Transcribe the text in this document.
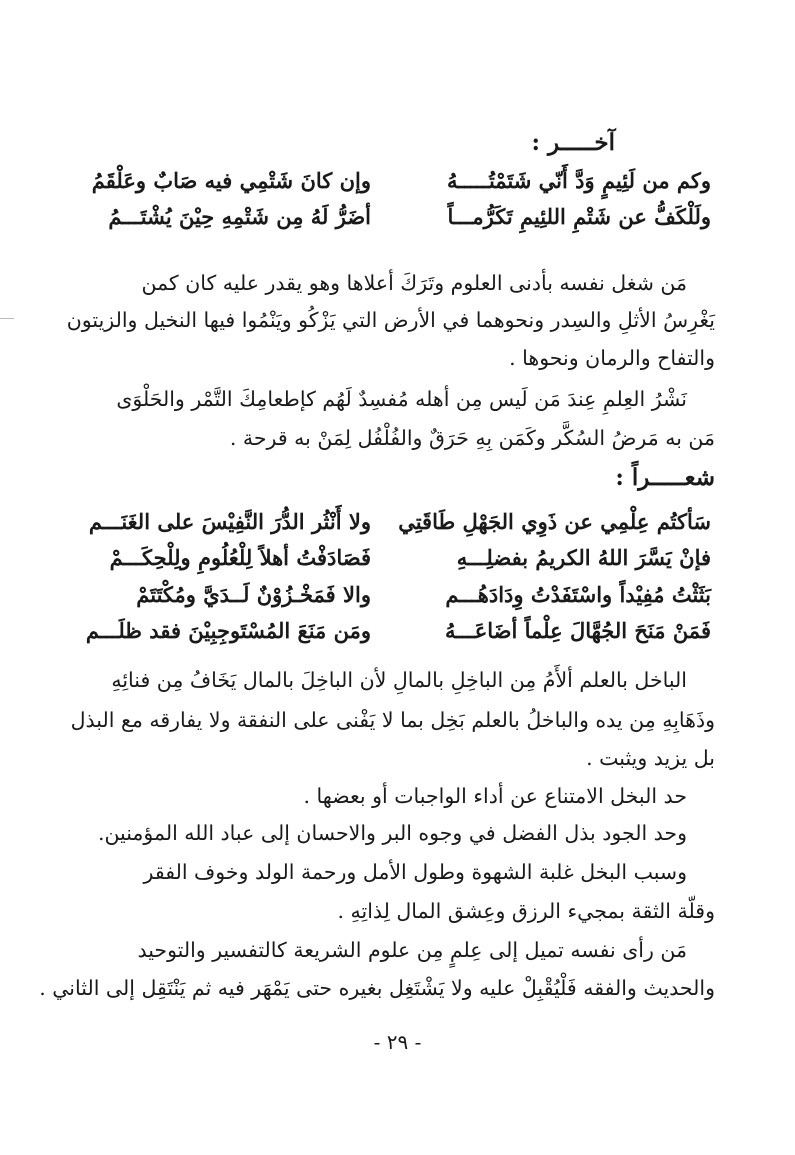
آخـــــر :
وكم من لَئِيمٍ وَدَّ أَنّي شَتَمْتُـــــهُ
وإن كانَ شَتْمِي فيه صَابٌ وعَلْقَمُ
ولَلْكَفُّ عن شَتْمِ اللئِيمِ تَكَرُّمـــاً
أضَرُّ لَهُ مِن شَتْمِهِ حِيْنَ يُشْتَـــمُ
مَن شغل نفسه بأدنى العلوم وتَرَكَ أعلاها وهو يقدر عليه كان كمن
يَغْرِسُ الأثلِ والسِدر ونحوهما في الأرض التي يَزْكُو ويَنْمُوا فيها النخيل والزيتون
والتفاح والرمان ونحوها .
نَشْرُ العِلمِ عِندَ مَن لَيس مِن أهله مُفسِدٌ لَهُم كإطعامِكَ التَّمْر والحَلْوَى
مَن به مَرضُ السُكَّر وكَمَن بِهِ حَرَقٌ والفُلْفُل لِمَنْ به قرحة .
شعـــــراً :
سَأكتُم عِلْمِي عن ذَوِي الجَهْلِ طَاقَتِي
ولا أَنْثُر الدُّرَ النَّفِيْسَ على الغَنَـــم
فإنْ يَسَّرَ اللهُ الكريمُ بفضلِـــهِ
فَصَادَفْتُ أهلاً لِلْعُلُومِ ولِلْحِكَـــمْ
بَثَثْتُ مُفِيْداً واسْتَفَدْتُ وِدَادَهُـــم
والا فَمَخْـزُوْنٌ لَــدَيَّ ومُكْتَتَمْ
فَمَنْ مَنَحَ الجُهَّالَ عِلْماً أضَاعَـــهُ
ومَن مَنَعَ المُسْتَوجِبِيْنَ فقد ظلَـــم
الباخل بالعلم ألأَمُ مِن الباخِلِ بالمالِ لأن الباخِلَ بالمال يَخَافُ مِن فنائِهِ
وذَهَابِهِ مِن يده والباخلُ بالعلم بَخِل بما لا يَفْنى على النفقة ولا يفارقه مع البذل
بل يزيد ويثبت .
حد البخل الامتناع عن أداء الواجبات أو بعضها .
وحد الجود بذل الفضل في وجوه البر والاحسان إلى عباد الله المؤمنين.
وسبب البخل غلبة الشهوة وطول الأمل ورحمة الولد وخوف الفقر
وقلّة الثقة بمجيء الرزق وعِشق المال لِذاتِهِ .
مَن رأى نفسه تميل إلى عِلمٍ مِن علوم الشريعة كالتفسير والتوحيد
والحديث والفقه فَلْيُقْبِلْ عليه ولا يَشْتَغِل بغيره حتى يَمْهَر فيه ثم يَنْتَقِل إلى الثاني .
- ٢٩ -
